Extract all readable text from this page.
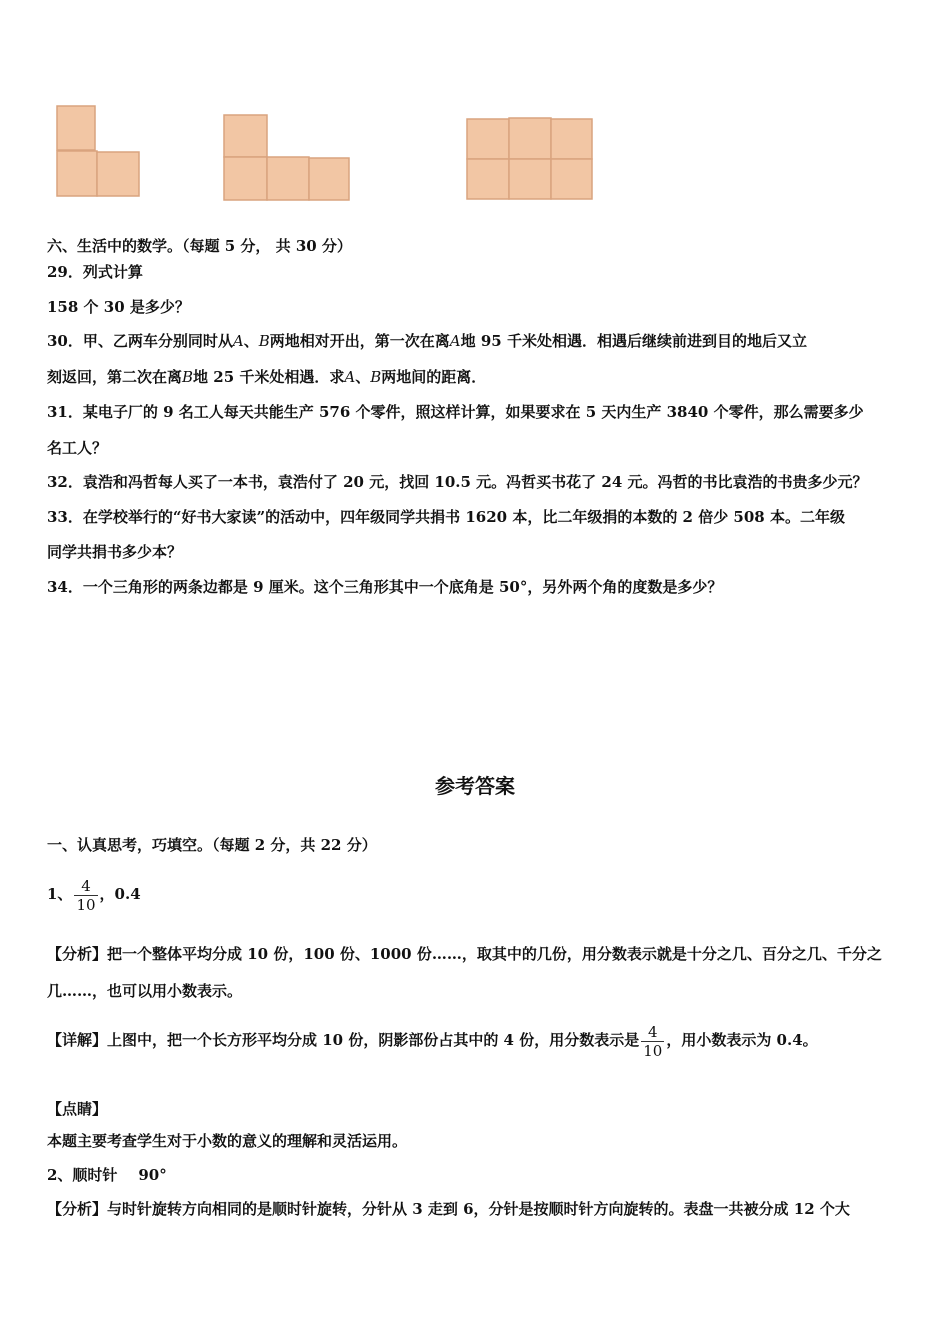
六、生活中的数学。（每题 5 分， 共 30 分）
29．列式计算
158 个 30 是多少？
30．甲、乙两车分别同时从A、B两地相对开出，第一次在离A地 95 千米处相遇．相遇后继续前进到目的地后又立
刻返回，第二次在离B地 25 千米处相遇．求A、B两地间的距离．
31．某电子厂的 9 名工人每天共能生产 576 个零件，照这样计算，如果要求在 5 天内生产 3840 个零件，那么需要多少
名工人？
32．袁浩和冯哲每人买了一本书，袁浩付了 20 元，找回 10.5 元。冯哲买书花了 24 元。冯哲的书比袁浩的书贵多少元？
33．在学校举行的“好书大家读”的活动中，四年级同学共捐书 1620 本，比二年级捐的本数的 2 倍少 508 本。二年级
同学共捐书多少本？
34．一个三角形的两条边都是 9 厘米。这个三角形其中一个底角是 50°，另外两个角的度数是多少？
参考答案
一、认真思考，巧填空。（每题 2 分，共 22 分）
1、 $\frac{4}{10}$ ，0.4
【分析】把一个整体平均分成 10 份，100 份、1000 份……，取其中的几份，用分数表示就是十分之几、百分之几、千分之
几……，也可以用小数表示。
【详解】上图中，把一个长方形平均分成 10 份，阴影部份占其中的 4 份，用分数表示是 $\frac{4}{10}$ ，用小数表示为 0.4。
【点睛】
本题主要考查学生对于小数的意义的理解和灵活运用。
2、顺时针    90°
【分析】与时针旋转方向相同的是顺时针旋转，分针从 3 走到 6，分针是按顺时针方向旋转的。表盘一共被分成 12 个大
